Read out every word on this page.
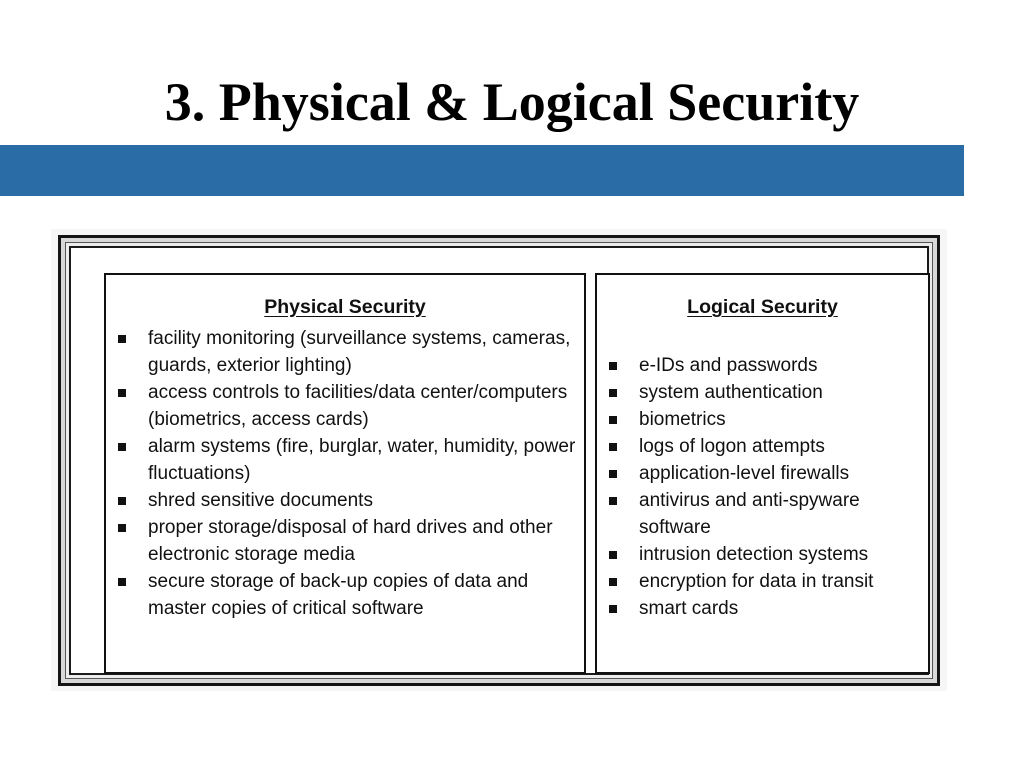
3. Physical & Logical Security
Physical Security
facility monitoring (surveillance systems, cameras, guards, exterior lighting)
access controls to facilities/data center/computers (biometrics, access cards)
alarm systems (fire, burglar, water, humidity, power fluctuations)
shred sensitive documents
proper storage/disposal of hard drives and other electronic storage media
secure storage of back-up copies of data and master copies of critical software
Logical Security
e-IDs and passwords
system authentication
biometrics
logs of logon attempts
application-level firewalls
antivirus and anti-spyware software
intrusion detection systems
encryption for data in transit
smart cards
